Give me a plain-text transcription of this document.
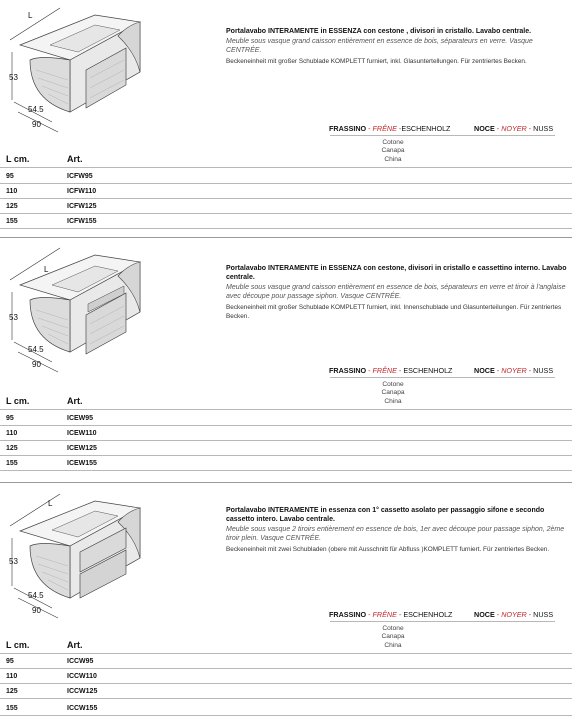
L
53
54.5
90

Portalavabo INTERAMENTE in ESSENZA con cestone , divisori in cristallo. Lavabo centrale.

Meuble sous vasque grand caisson entièrement en essence de bois, séparateurs en verre. Vasque CENTRÉE.

Beckeneinheit mit großer Schublade KOMPLETT furniert, inkl. Glasuntertellungen. Für zentriertes Becken.

FRASSINO - FRÊNE -ESCHENHOLZ	NOCE - NOYER - NUSS
Cotone
Canapa
China
L cm.	Art.
95	ICFW95
110	ICFW110
125	ICFW125
155	ICFW155
L
53
54.5
90

Portalavabo INTERAMENTE in ESSENZA con cestone, divisori in cristallo e cassettino interno. Lavabo centrale.

Meuble sous vasque grand caisson entièrement en essence de bois, séparateurs en verre et tiroir à l'anglaise avec découpe pour passage siphon. Vasque CENTRÉE.

Beckeneinheit mit großer Schublade KOMPLETT furniert, inkl. Innenschublade und Glasunterteilungen. Für zentriertes Becken.

FRASSINO - FRÊNE - ESCHENHOLZ	NOCE - NOYER - NUSS
Cotone
Canapa
China
L cm.	Art.
95	ICEW95
110	ICEW110
125	ICEW125
155	ICEW155
L
53
54.5
90

Portalavabo INTERAMENTE in essenza con 1° cassetto asolato per passaggio sifone e secondo cassetto intero. Lavabo centrale.

Meuble sous vasque 2 tiroirs entièrement en essence de bois, 1er avec découpe pour passage siphon, 2ème tiroir plein. Vasque CENTRÉE.

Beckeneinheit mit zwei Schubladen (obere mit Ausschnitt für Abfluss )KOMPLETT furniert. Für zentriertes Becken.

FRASSINO - FRÊNE - ESCHENHOLZ	NOCE - NOYER - NUSS
Cotone
Canapa
China
L cm.	Art.
95	ICCW95
110	ICCW110
125	ICCW125
155	ICCW155
